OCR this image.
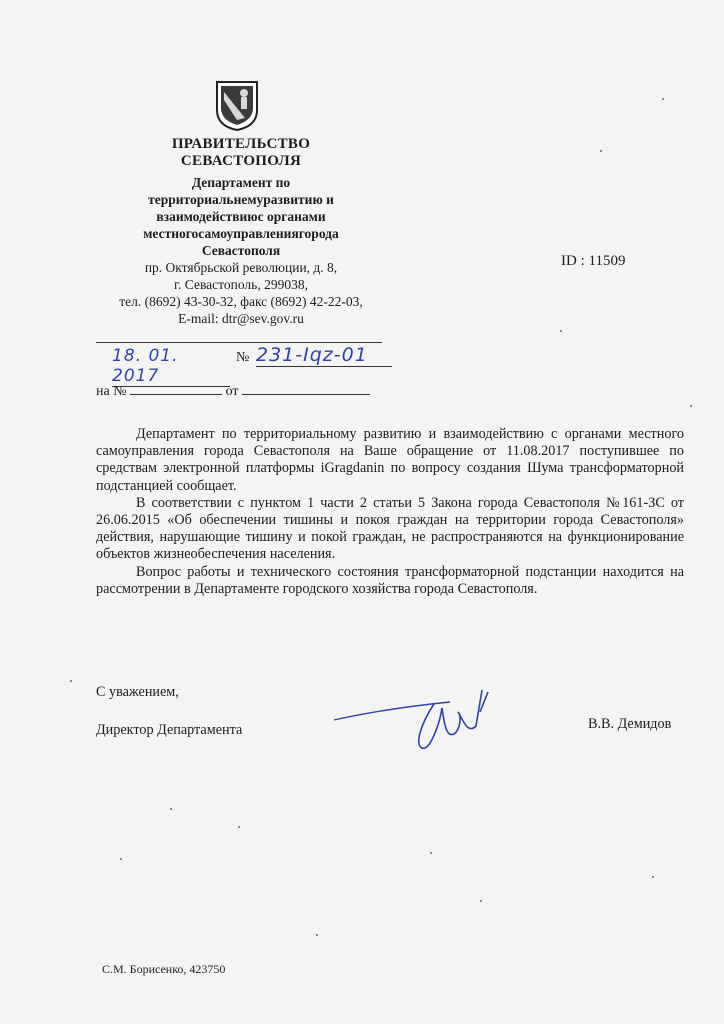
ПРАВИТЕЛЬСТВО
СЕВАСТОПОЛЯ
Департамент по
территориальнемуразвитию и
взаимодействиюс органами
местногосамоуправлениягорода
Севастополя
пр. Октябрьской революции, д. 8,
г. Севастополь, 299038,
тел. (8692) 43-30-32, факс (8692) 42-22-03,
E-mail: dtr@sev.gov.ru
18. 01. 2017
№ 231-Iqz-01
на №	от
ID : 11509

Департамент по территориальному развитию и взаимодействию с органами местного самоуправления города Севастополя на Ваше обращение от 11.08.2017 поступившее по средствам электронной платформы iGragdanin по вопросу создания Шума трансформаторной подстанцией сообщает.

В соответствии с пунктом 1 части 2 статьи 5 Закона города Севастополя №161-ЗС от 26.06.2015 «Об обеспечении тишины и покоя граждан на территории города Севастополя» действия, нарушающие тишину и покой граждан, не распространяются на функционирование объектов жизнеобеспечения населения.

Вопрос работы и технического состояния трансформаторной подстанции находится на рассмотрении в Департаменте городского хозяйства города Севастополя.

С уважением,
Директор Департамента	В.В. Демидов
С.М. Борисенко, 423750
